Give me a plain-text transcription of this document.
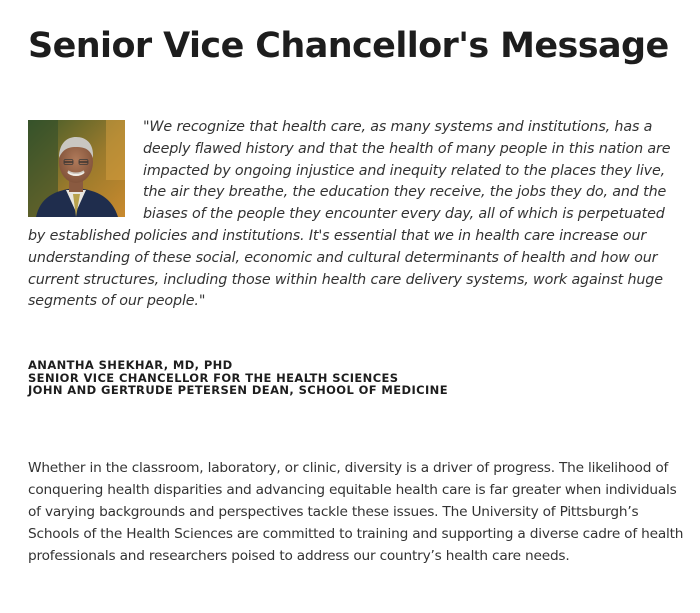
Senior Vice Chancellor's Message

"We recognize that health care, as many systems and institutions, has a deeply flawed history and that the health of many people in this nation are impacted by ongoing injustice and inequity related to the places they live, the air they breathe, the education they receive, the jobs they do, and the biases of the people they encounter every day, all of which is perpetuated by established policies and institutions. It's essential that we in health care increase our understanding of these social, economic and cultural determinants of health and how our current structures, including those within health care delivery systems, work against huge segments of our people."

ANANTHA SHEKHAR, MD, PHD
SENIOR VICE CHANCELLOR FOR THE HEALTH SCIENCES
JOHN AND GERTRUDE PETERSEN DEAN, SCHOOL OF MEDICINE

Whether in the classroom, laboratory, or clinic, diversity is a driver of progress. The likelihood of conquering health disparities and advancing equitable health care is far greater when individuals of varying backgrounds and perspectives tackle these issues. The University of Pittsburgh’s Schools of the Health Sciences are committed to training and supporting a diverse cadre of health professionals and researchers poised to address our country’s health care needs.
